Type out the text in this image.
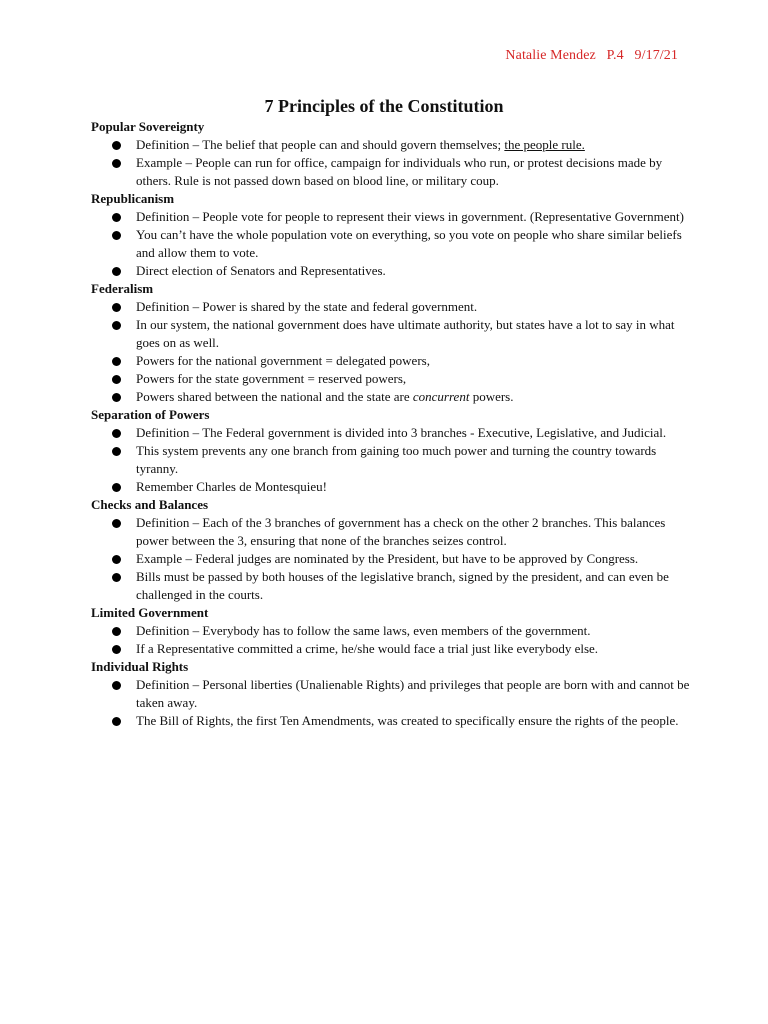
Natalie Mendez P.4 9/17/21
7 Principles of the Constitution

Popular Sovereignty

Definition – The belief that people can and should govern themselves; the people rule.
Example – People can run for office, campaign for individuals who run, or protest decisions made by others. Rule is not passed down based on blood line, or military coup.

Republicanism

Definition – People vote for people to represent their views in government. (Representative Government)
You can’t have the whole population vote on everything, so you vote on people who share similar beliefs and allow them to vote.
Direct election of Senators and Representatives.

Federalism

Definition – Power is shared by the state and federal government.
In our system, the national government does have ultimate authority, but states have a lot to say in what goes on as well.
Powers for the national government = delegated powers,
Powers for the state government = reserved powers,
Powers shared between the national and the state are concurrent powers.

Separation of Powers

Definition – The Federal government is divided into 3 branches - Executive, Legislative, and Judicial.
This system prevents any one branch from gaining too much power and turning the country towards tyranny.
Remember Charles de Montesquieu!

Checks and Balances

Definition – Each of the 3 branches of government has a check on the other 2 branches. This balances power between the 3, ensuring that none of the branches seizes control.
Example – Federal judges are nominated by the President, but have to be approved by Congress.
Bills must be passed by both houses of the legislative branch, signed by the president, and can even be challenged in the courts.

Limited Government

Definition – Everybody has to follow the same laws, even members of the government.
If a Representative committed a crime, he/she would face a trial just like everybody else.

Individual Rights

Definition – Personal liberties (Unalienable Rights) and privileges that people are born with and cannot be taken away.
The Bill of Rights, the first Ten Amendments, was created to specifically ensure the rights of the people.
